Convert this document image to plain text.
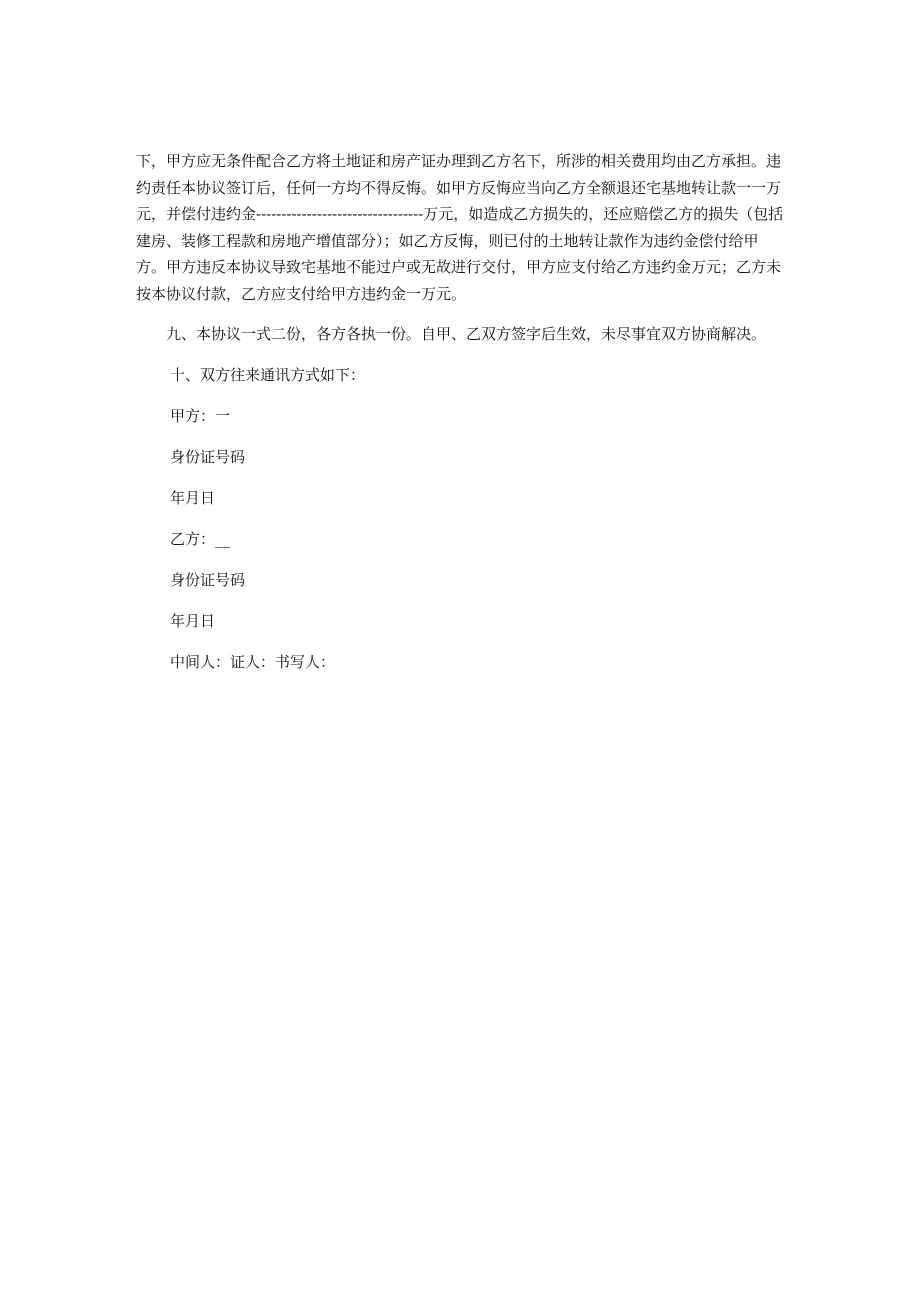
下，甲方应无条件配合乙方将土地证和房产证办理到乙方名下，所涉的相关费用均由乙方承担。违约责任本协议签订后，任何一方均不得反悔。如甲方反悔应当向乙方全额退还宅基地转让款一一万元，并偿付违约金---------------------------------万元，如造成乙方损失的，还应赔偿乙方的损失（包括建房、装修工程款和房地产增值部分）；如乙方反悔，则已付的土地转让款作为违约金偿付给甲方。甲方违反本协议导致宅基地不能过户或无故进行交付，甲方应支付给乙方违约金万元；乙方未按本协议付款，乙方应支付给甲方违约金一万元。

九、本协议一式二份，各方各执一份。自甲、乙双方签字后生效，未尽事宜双方协商解决。

十、双方往来通讯方式如下：

甲方：一

身份证号码

年月日

乙方：__

身份证号码

年月日

中间人：证人：书写人：
